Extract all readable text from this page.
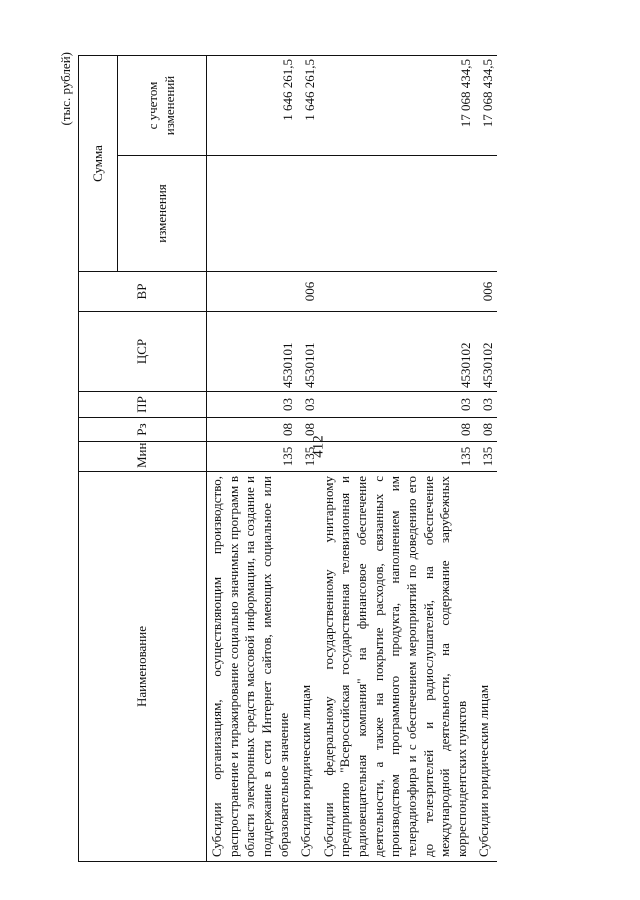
412
(тыс. рублей)
Наименование	Мин	Рз	ПР	ЦСР	ВР	Сумма	
						изменения	с учетом изменений
Субсидии организациям, осуществляющим производство, распространение и тиражирование социально значимых программ в области электронных средств массовой информации, на создание и поддержание в сети Интернет сайтов, имеющих социальное или образовательное значение	135	08	03	4530101			1 646 261,5
Субсидии юридическим лицам	135	08	03	4530101	006		1 646 261,5
Субсидии федеральному государственному унитарному предприятию "Всероссийская государственная телевизионная и радиовещательная компания" на финансовое обеспечение деятельности, а также на покрытие расходов, связанных с производством программного продукта, наполнением им телерадиоэфира и с обеспечением мероприятий по доведению его до телезрителей и радиослушателей, на обеспечение международной деятельности, на содержание зарубежных корреспондентских пунктов	135	08	03	4530102			17 068 434,5
Субсидии юридическим лицам	135	08	03	4530102	006		17 068 434,5
